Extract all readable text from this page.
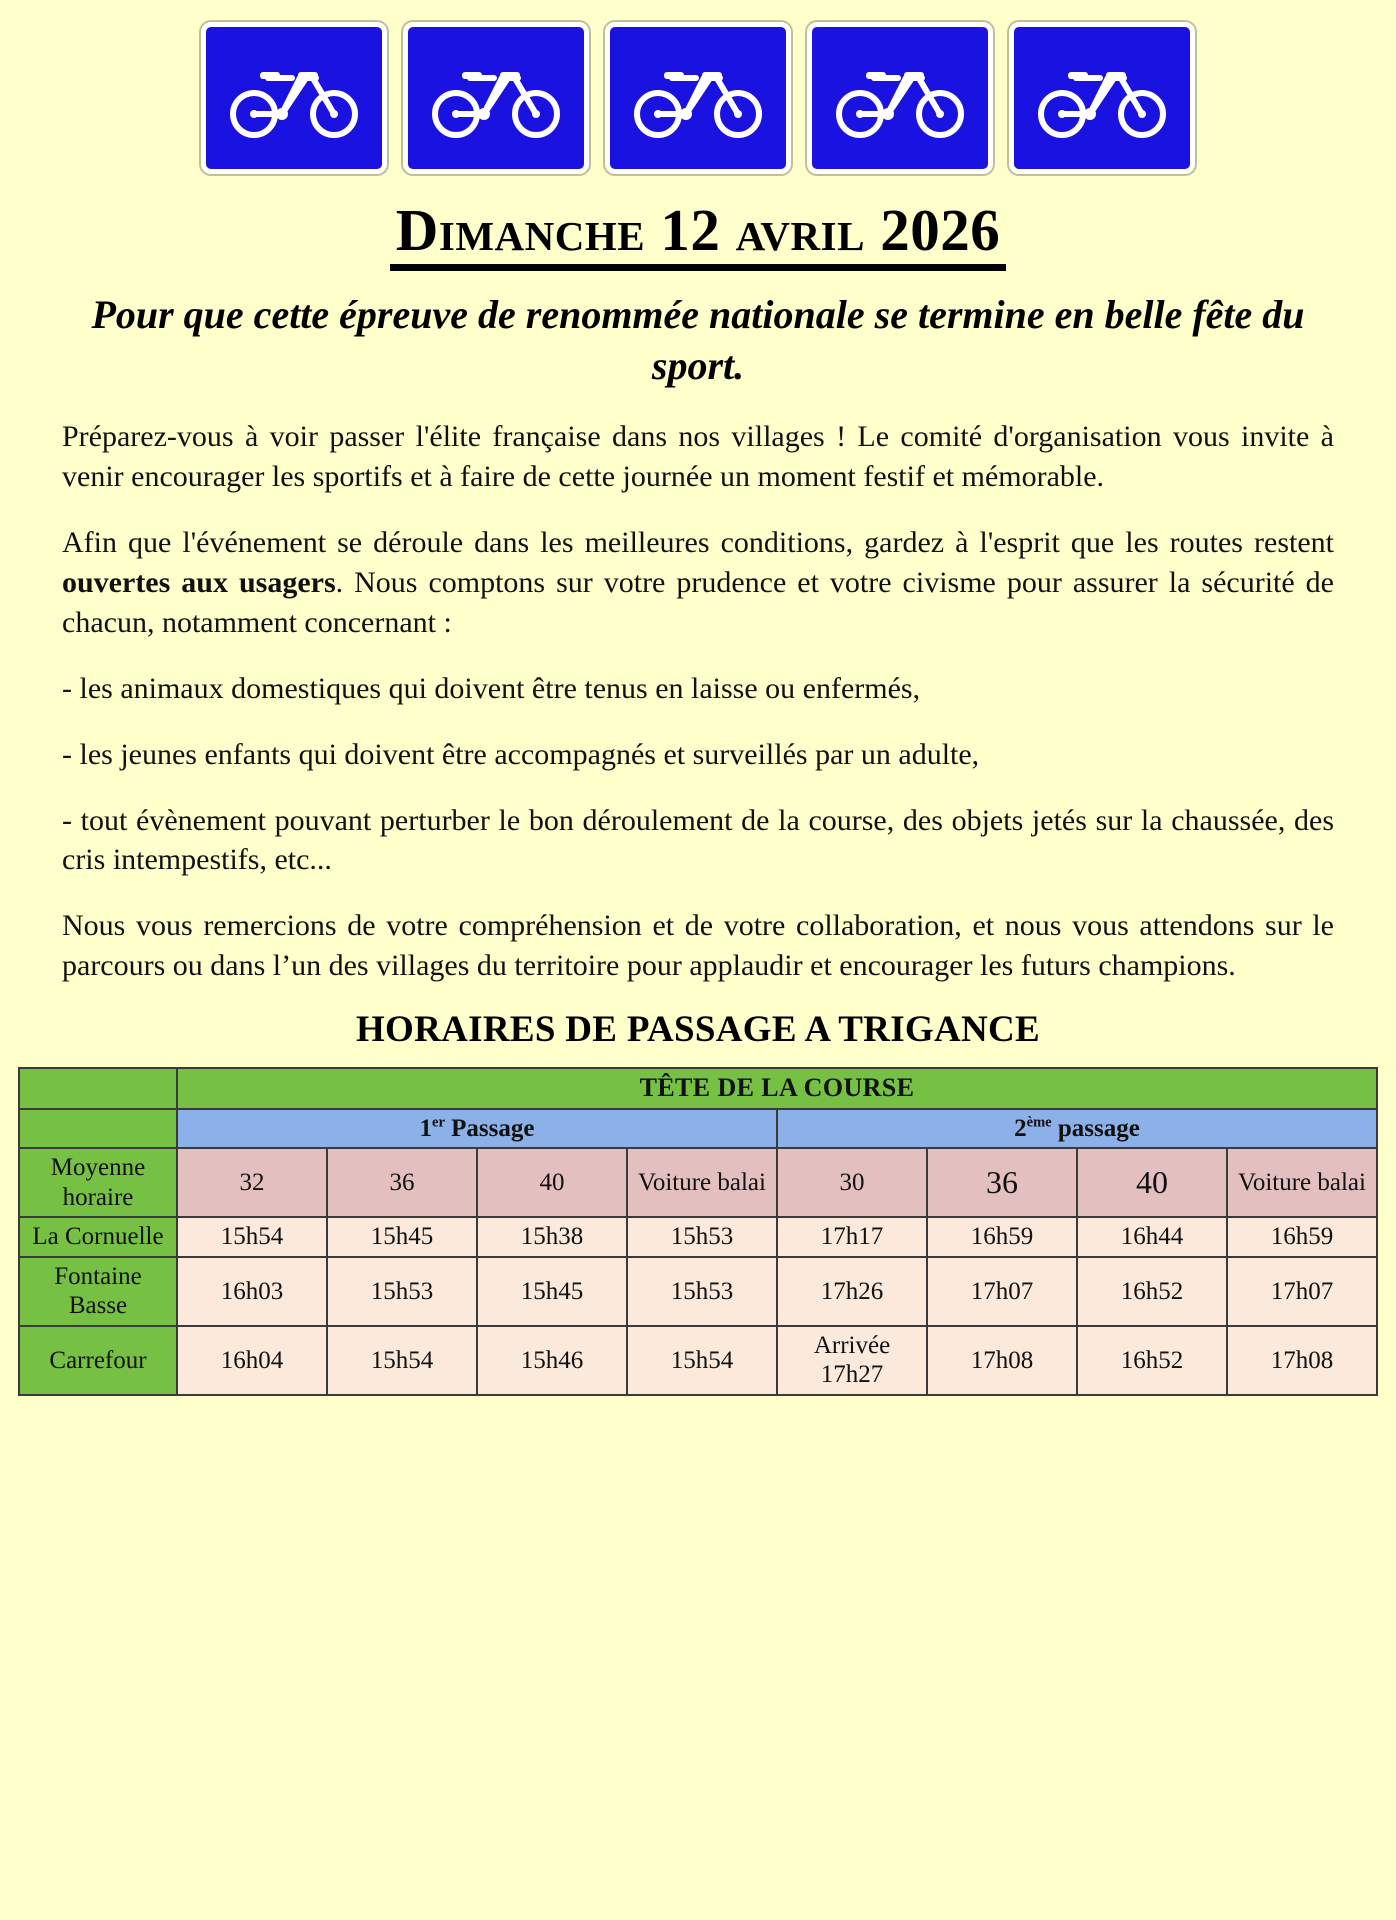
Dimanche 12 avril 2026
Pour que cette épreuve de renommée nationale se termine en belle fête du sport.

Préparez-vous à voir passer l'élite française dans nos villages ! Le comité d'organisation vous invite à venir encourager les sportifs et à faire de cette journée un moment festif et mémorable.

Afin que l'événement se déroule dans les meilleures conditions, gardez à l'esprit que les routes restent ouvertes aux usagers. Nous comptons sur votre prudence et votre civisme pour assurer la sécurité de chacun, notamment concernant :

- les animaux domestiques qui doivent être tenus en laisse ou enfermés,

- les jeunes enfants qui doivent être accompagnés et surveillés par un adulte,

- tout évènement pouvant perturber le bon déroulement de la course, des objets jetés sur la chaussée, des cris intempestifs, etc...

Nous vous remercions de votre compréhension et de votre collaboration, et nous vous attendons sur le parcours ou dans l’un des villages du territoire pour applaudir et encourager les futurs champions.

HORAIRES DE PASSAGE A TRIGANCE
	TÊTE DE LA COURSE							
	1er Passage				2ème passage			
Moyenne horaire	32	36	40	Voiture balai	30	36	40	Voiture balai
La Cornuelle	15h54	15h45	15h38	15h53	17h17	16h59	16h44	16h59
Fontaine Basse	16h03	15h53	15h45	15h53	17h26	17h07	16h52	17h07
Carrefour	16h04	15h54	15h46	15h54	Arrivée 17h27	17h08	16h52	17h08
